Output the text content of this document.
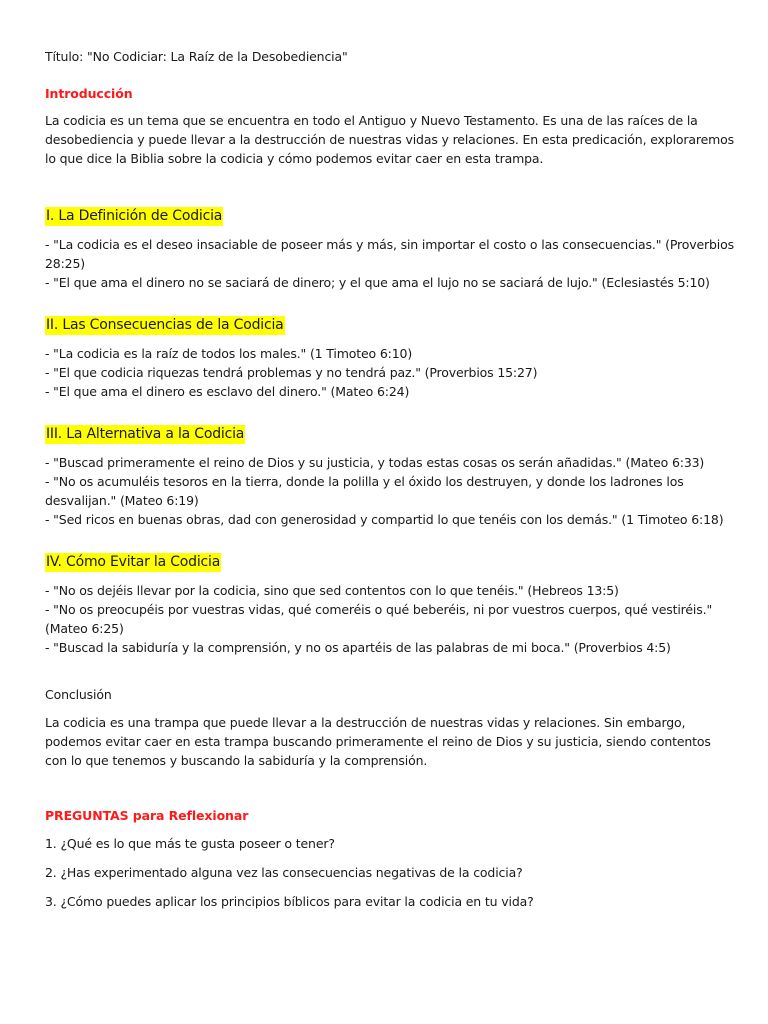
Título: "No Codiciar: La Raíz de la Desobediencia"
Introducción

La codicia es un tema que se encuentra en todo el Antiguo y Nuevo Testamento. Es una de las raíces de la desobediencia y puede llevar a la destrucción de nuestras vidas y relaciones. En esta predicación, exploraremos lo que dice la Biblia sobre la codicia y cómo podemos evitar caer en esta trampa.

I. La Definición de Codicia
- "La codicia es el deseo insaciable de poseer más y más, sin importar el costo o las consecuencias." (Proverbios 28:25)
- "El que ama el dinero no se saciará de dinero; y el que ama el lujo no se saciará de lujo." (Eclesiastés 5:10)
II. Las Consecuencias de la Codicia
- "La codicia es la raíz de todos los males." (1 Timoteo 6:10)
- "El que codicia riquezas tendrá problemas y no tendrá paz." (Proverbios 15:27)
- "El que ama el dinero es esclavo del dinero." (Mateo 6:24)
III. La Alternativa a la Codicia
- "Buscad primeramente el reino de Dios y su justicia, y todas estas cosas os serán añadidas." (Mateo 6:33)
- "No os acumuléis tesoros en la tierra, donde la polilla y el óxido los destruyen, y donde los ladrones los desvalijan." (Mateo 6:19)
- "Sed ricos en buenas obras, dad con generosidad y compartid lo que tenéis con los demás." (1 Timoteo 6:18)
IV. Cómo Evitar la Codicia
- "No os dejéis llevar por la codicia, sino que sed contentos con lo que tenéis." (Hebreos 13:5)
- "No os preocupéis por vuestras vidas, qué comeréis o qué beberéis, ni por vuestros cuerpos, qué vestiréis." (Mateo 6:25)
- "Buscad la sabiduría y la comprensión, y no os apartéis de las palabras de mi boca." (Proverbios 4:5)
Conclusión

La codicia es una trampa que puede llevar a la destrucción de nuestras vidas y relaciones. Sin embargo, podemos evitar caer en esta trampa buscando primeramente el reino de Dios y su justicia, siendo contentos con lo que tenemos y buscando la sabiduría y la comprensión.

PREGUNTAS para Reflexionar
1. ¿Qué es lo que más te gusta poseer o tener?
2. ¿Has experimentado alguna vez las consecuencias negativas de la codicia?
3. ¿Cómo puedes aplicar los principios bíblicos para evitar la codicia en tu vida?
